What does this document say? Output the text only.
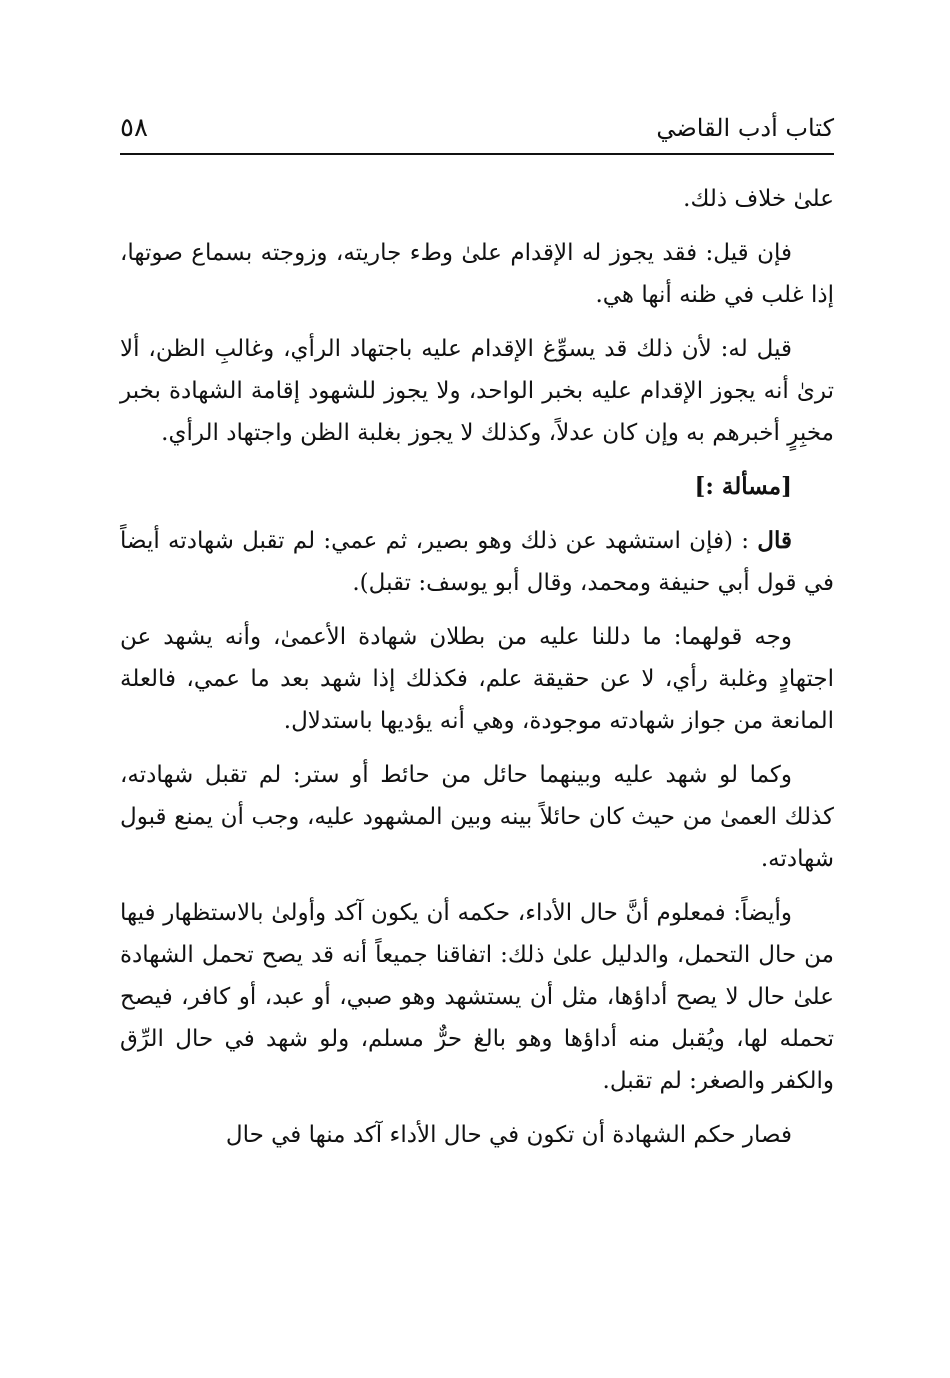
كتاب أدب القاضي
٥٨

علىٰ خلاف ذلك.

فإن قيل: فقد يجوز له الإقدام علىٰ وطء جاريته، وزوجته بسماع صوتها، إذا غلب في ظنه أنها هي.

قيل له: لأن ذلك قد يسوِّغ الإقدام عليه باجتهاد الرأي، وغالبِ الظن، ألا ترىٰ أنه يجوز الإقدام عليه بخبر الواحد، ولا يجوز للشهود إقامة الشهادة بخبر مخبِرٍ أخبرهم به وإن كان عدلاً، وكذلك لا يجوز بغلبة الظن واجتهاد الرأي.

[مسألة :]

قال : (فإن استشهد عن ذلك وهو بصير، ثم عمي: لم تقبل شهادته أيضاً في قول أبي حنيفة ومحمد، وقال أبو يوسف: تقبل).

وجه قولهما: ما دللنا عليه من بطلان شهادة الأعمىٰ، وأنه يشهد عن اجتهادٍ وغلبة رأي، لا عن حقيقة علم، فكذلك إذا شهد بعد ما عمي، فالعلة المانعة من جواز شهادته موجودة، وهي أنه يؤديها باستدلال.

وكما لو شهد عليه وبينهما حائل من حائط أو ستر: لم تقبل شهادته، كذلك العمىٰ من حيث كان حائلاً بينه وبين المشهود عليه، وجب أن يمنع قبول شهادته.

وأيضاً: فمعلوم أنَّ حال الأداء، حكمه أن يكون آكد وأولىٰ بالاستظهار فيها من حال التحمل، والدليل علىٰ ذلك: اتفاقنا جميعاً أنه قد يصح تحمل الشهادة علىٰ حال لا يصح أداؤها، مثل أن يستشهد وهو صبي، أو عبد، أو كافر، فيصح تحمله لها، ويُقبل منه أداؤها وهو بالغ حرٌّ مسلم، ولو شهد في حال الرِّق والكفر والصغر: لم تقبل.

فصار حكم الشهادة أن تكون في حال الأداء آكد منها في حال
